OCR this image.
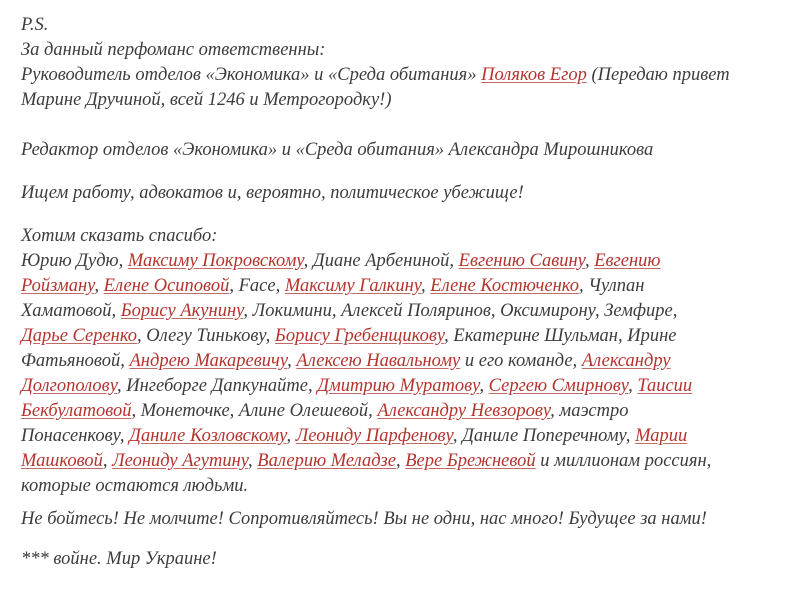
P.S.
За данный перфоманс ответственны:
Руководитель отделов «Экономика» и «Среда обитания» Поляков Егор (Передаю привет
Марине Дручиной, всей 1246 и Метрогородку!)

Редактор отделов «Экономика» и «Среда обитания» Александра Мирошникова

Ищем работу, адвокатов и, вероятно, политическое убежище!

Хотим сказать спасибо:
Юрию Дудю, Максиму Покровскому, Диане Арбениной, Евгению Савину, Евгению
Ройзману, Елене Осиповой, Face, Максиму Галкину, Елене Костюченко, Чулпан
Хаматовой, Борису Акунину, Локимини, Алексей Поляринов, Оксимирону, Земфире,
Дарье Серенко, Олегу Тинькову, Борису Гребенщикову, Екатерине Шульман, Ирине
Фатьяновой, Андрею Макаревичу, Алексею Навальному и его команде, Александру
Долгополову, Ингеборге Дапкунайте, Дмитрию Муратову, Сергею Смирнову, Таисии
Бекбулатовой, Монеточке, Алине Олешевой, Александру Невзорову, маэстро
Понасенкову, Даниле Козловскому, Леониду Парфенову, Даниле Поперечному, Марии
Машковой, Леониду Агутину, Валерию Меладзе, Вере Брежневой и миллионам россиян,
которые остаются людьми.

Не бойтесь! Не молчите! Сопротивляйтесь! Вы не одни, нас много! Будущее за нами!

*** войне. Мир Украине!
